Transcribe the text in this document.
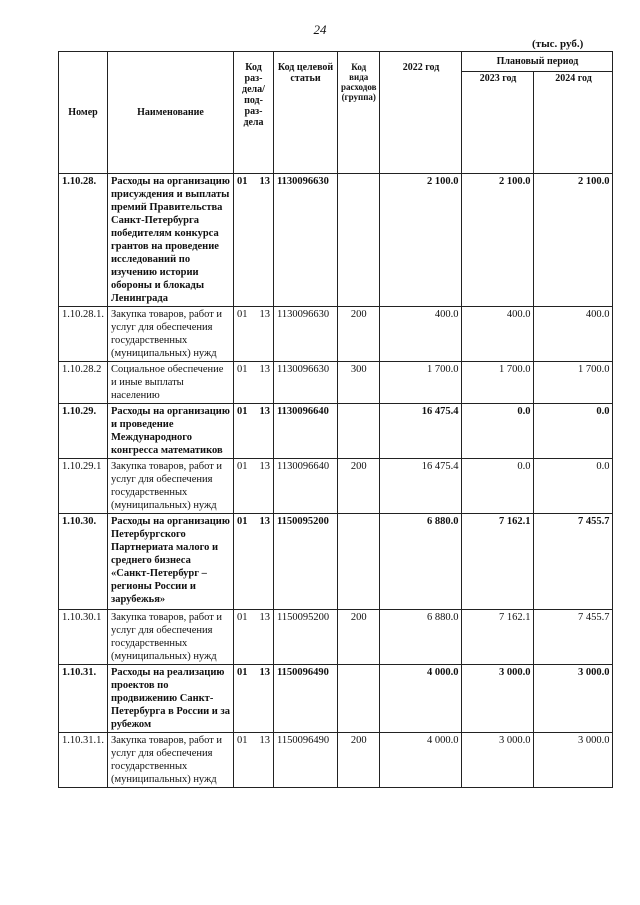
24
(тыс. руб.)
Номер	Наименование	Код раз- дела/ под- раз- дела		Код целевой статьи	Код вида расходов (группа)	2022 год	Плановый период	
							2023 год	2024 год
1.10.28.	Расходы на организацию присуждения и выплаты премий Правительства Санкт-Петербурга победителям конкурса грантов на проведение исследований по изучению истории обороны и блокады Ленинграда	01	13	1130096630		2 100.0	2 100.0	2 100.0
1.10.28.1.	Закупка товаров, работ и услуг для обеспечения государственных (муниципальных) нужд	01	13	1130096630	200	400.0	400.0	400.0
1.10.28.2	Социальное обеспечение и иные выплаты населению	01	13	1130096630	300	1 700.0	1 700.0	1 700.0
1.10.29.	Расходы на организацию и проведение Международного конгресса математиков	01	13	1130096640		16 475.4	0.0	0.0
1.10.29.1	Закупка товаров, работ и услуг для обеспечения государственных (муниципальных) нужд	01	13	1130096640	200	16 475.4	0.0	0.0
1.10.30.	Расходы на организацию Петербургского Партнериата малого и среднего бизнеса «Санкт-Петербург – регионы России и зарубежья»	01	13	1150095200		6 880.0	7 162.1	7 455.7
1.10.30.1	Закупка товаров, работ и услуг для обеспечения государственных (муниципальных) нужд	01	13	1150095200	200	6 880.0	7 162.1	7 455.7
1.10.31.	Расходы на реализацию проектов по продвижению Санкт-Петербурга в России и за рубежом	01	13	1150096490		4 000.0	3 000.0	3 000.0
1.10.31.1.	Закупка товаров, работ и услуг для обеспечения государственных (муниципальных) нужд	01	13	1150096490	200	4 000.0	3 000.0	3 000.0
